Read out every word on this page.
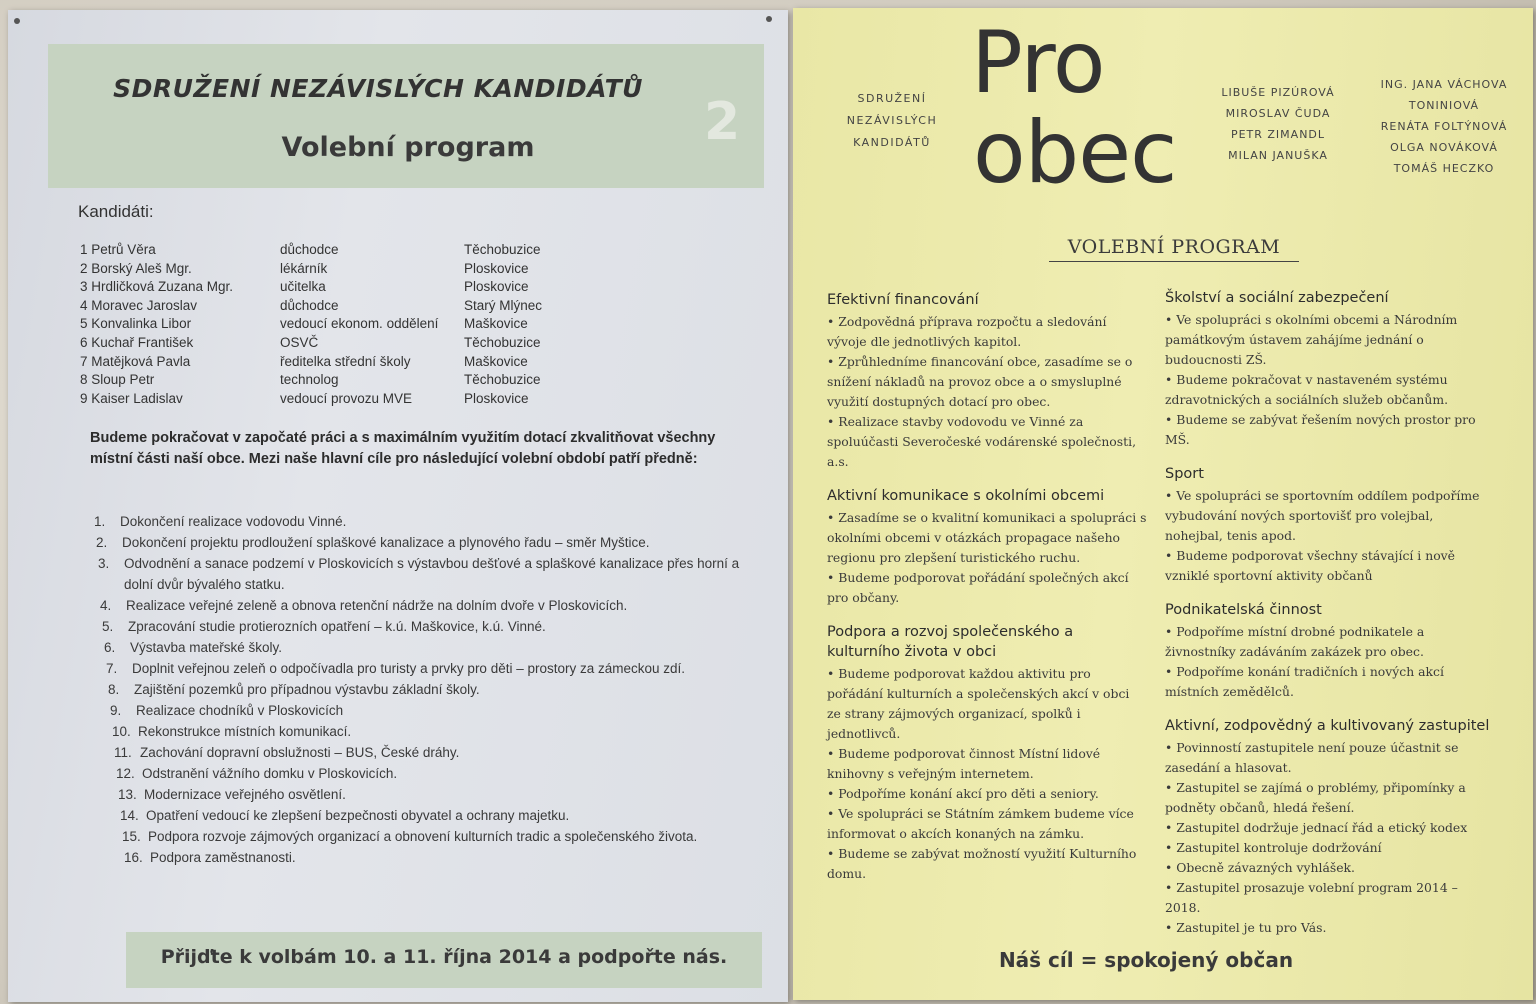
SDRUŽENÍ NEZÁVISLÝCH KANDIDÁTŮ
Volební program	2
Kandidáti:
1 Petrů Věra	důchodce	Těchobuzice
2 Borský Aleš Mgr.	lékárník	Ploskovice
3 Hrdličková Zuzana Mgr.	učitelka	Ploskovice
4 Moravec Jaroslav	důchodce	Starý Mlýnec
5 Konvalinka Libor	vedoucí ekonom. oddělení Maškovice
6 Kuchař František	OSVČ	Těchobuzice
7 Matějková Pavla	ředitelka střední školy	Maškovice
8 Sloup Petr	technolog	Těchobuzice
9 Kaiser Ladislav	vedoucí provozu MVE	Ploskovice
Budeme pokračovat v započaté práci a s maximálním využitím dotací zkvalitňovat všechny místní části naší obce. Mezi naše hlavní cíle pro následující volební období patří předně:
1. Dokončení realizace vodovodu Vinné.
2. Dokončení projektu prodloužení splaškové kanalizace a plynového řadu – směr Myštice.
3. Odvodnění a sanace podzemí v Ploskovicích s výstavbou dešťové a splaškové kanalizace přes horní a dolní dvůr bývalého statku.
4. Realizace veřejné zeleně a obnova retenční nádrže na dolním dvoře v Ploskovicích.
5. Zpracování studie protierozních opatření – k.ú. Maškovice, k.ú. Vinné.
6. Výstavba mateřské školy.
7. Doplnit veřejnou zeleň o odpočívadla pro turisty a prvky pro děti – prostory za zámeckou zdí.
8. Zajištění pozemků pro případnou výstavbu základní školy.
9. Realizace chodníků v Ploskovicích
10. Rekonstrukce místních komunikací.
11. Zachování dopravní obslužnosti – BUS, České dráhy.
12. Odstranění vážního domku v Ploskovicích.
13. Modernizace veřejného osvětlení.
14. Opatření vedoucí ke zlepšení bezpečnosti obyvatel a ochrany majetku.
15. Podpora rozvoje zájmových organizací a obnovení kulturních tradic a společenského života.
16. Podpora zaměstnanosti.
Přijďte k volbám 10. a 11. října 2014 a podpořte nás.
SDRUŽENÍ
NEZÁVISLÝCH
KANDIDÁTŮ
Pro
obec
LIBUŠE PIZÚROVÁ
MIROSLAV ČUDA
PETR ZIMANDL
MILAN JANUŠKA
ING. JANA VÁCHOVA TONINIOVÁ
RENÁTA FOLTÝNOVÁ
OLGA NOVÁKOVÁ
TOMÁŠ HECZKO
VOLEBNÍ PROGRAM
Efektivní financování
• Zodpovědná příprava rozpočtu a sledování vývoje dle jednotlivých kapitol.
• Zprůhledníme financování obce, zasadíme se o snížení nákladů na provoz obce a o smysluplné využití dostupných dotací pro obec.
• Realizace stavby vodovodu ve Vinné za spoluúčasti Severočeské vodárenské společnosti, a.s.
Aktivní komunikace s okolními obcemi
• Zasadíme se o kvalitní komunikaci a spolupráci s okolními obcemi v otázkách propagace našeho regionu pro zlepšení turistického ruchu.
• Budeme podporovat pořádání společných akcí pro občany.
Podpora a rozvoj společenského a kulturního života v obci
• Budeme podporovat každou aktivitu pro pořádání kulturních a společenských akcí v obci ze strany zájmových organizací, spolků i jednotlivců.
• Budeme podporovat činnost Místní lidové knihovny s veřejným internetem.
• Podpoříme konání akcí pro děti a seniory.
• Ve spolupráci se Státním zámkem budeme více informovat o akcích konaných na zámku.
• Budeme se zabývat možností využití Kulturního domu.
Školství a sociální zabezpečení
• Ve spolupráci s okolními obcemi a Národním památkovým ústavem zahájíme jednání o budoucnosti ZŠ.
• Budeme pokračovat v nastaveném systému zdravotnických a sociálních služeb občanům.
• Budeme se zabývat řešením nových prostor pro MŠ.
Sport
• Ve spolupráci se sportovním oddílem podpoříme vybudování nových sportovišť pro volejbal, nohejbal, tenis apod.
• Budeme podporovat všechny stávající i nově vzniklé sportovní aktivity občanů
Podnikatelská činnost
• Podpoříme místní drobné podnikatele a živnostníky zadáváním zakázek pro obec.
• Podpoříme konání tradičních i nových akcí místních zemědělců.
Aktivní, zodpovědný a kultivovaný zastupitel
• Povinností zastupitele není pouze účastnit se zasedání a hlasovat.
• Zastupitel se zajímá o problémy, připomínky a podněty občanů, hledá řešení.
• Zastupitel dodržuje jednací řád a etický kodex
• Zastupitel kontroluje dodržování
• Obecně závazných vyhlášek.
• Zastupitel prosazuje volební program 2014 – 2018.
• Zastupitel je tu pro Vás.
Náš cíl = spokojený občan
